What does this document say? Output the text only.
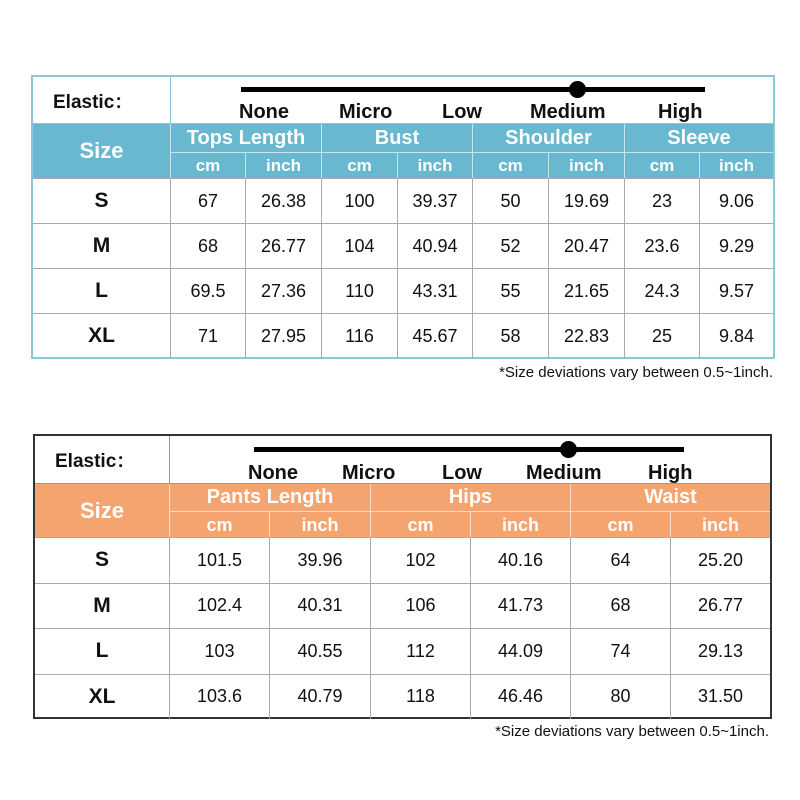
Elastic：	None	Micro Low Medium	High
Size
Tops Length	Bust	Shoulder	Sleeve
cm	inch	cm	inch	cm	inch	cm	inch
S	67	26.38	100	39.37	50	19.69	23	9.06
M	68	26.77	104	40.94	52	20.47	23.6	9.29
L	69.5	27.36	110	43.31	55	21.65	24.3	9.57
XL	71	27.95	116	45.67	58	22.83	25	9.84
*Size deviations vary between 0.5~1inch.
Elastic：
None Micro Low Medium High
Size
Pants Length	Hips	Waist
cm	inch	cm	inch	cm	inch
S	101.5	39.96	102	40.16	64	25.20
M	102.4	40.31	106	41.73	68	26.77
L	103	40.55	112	44.09	74	29.13
XL	103.6	40.79	118	46.46	80	31.50
*Size deviations vary between 0.5~1inch.
